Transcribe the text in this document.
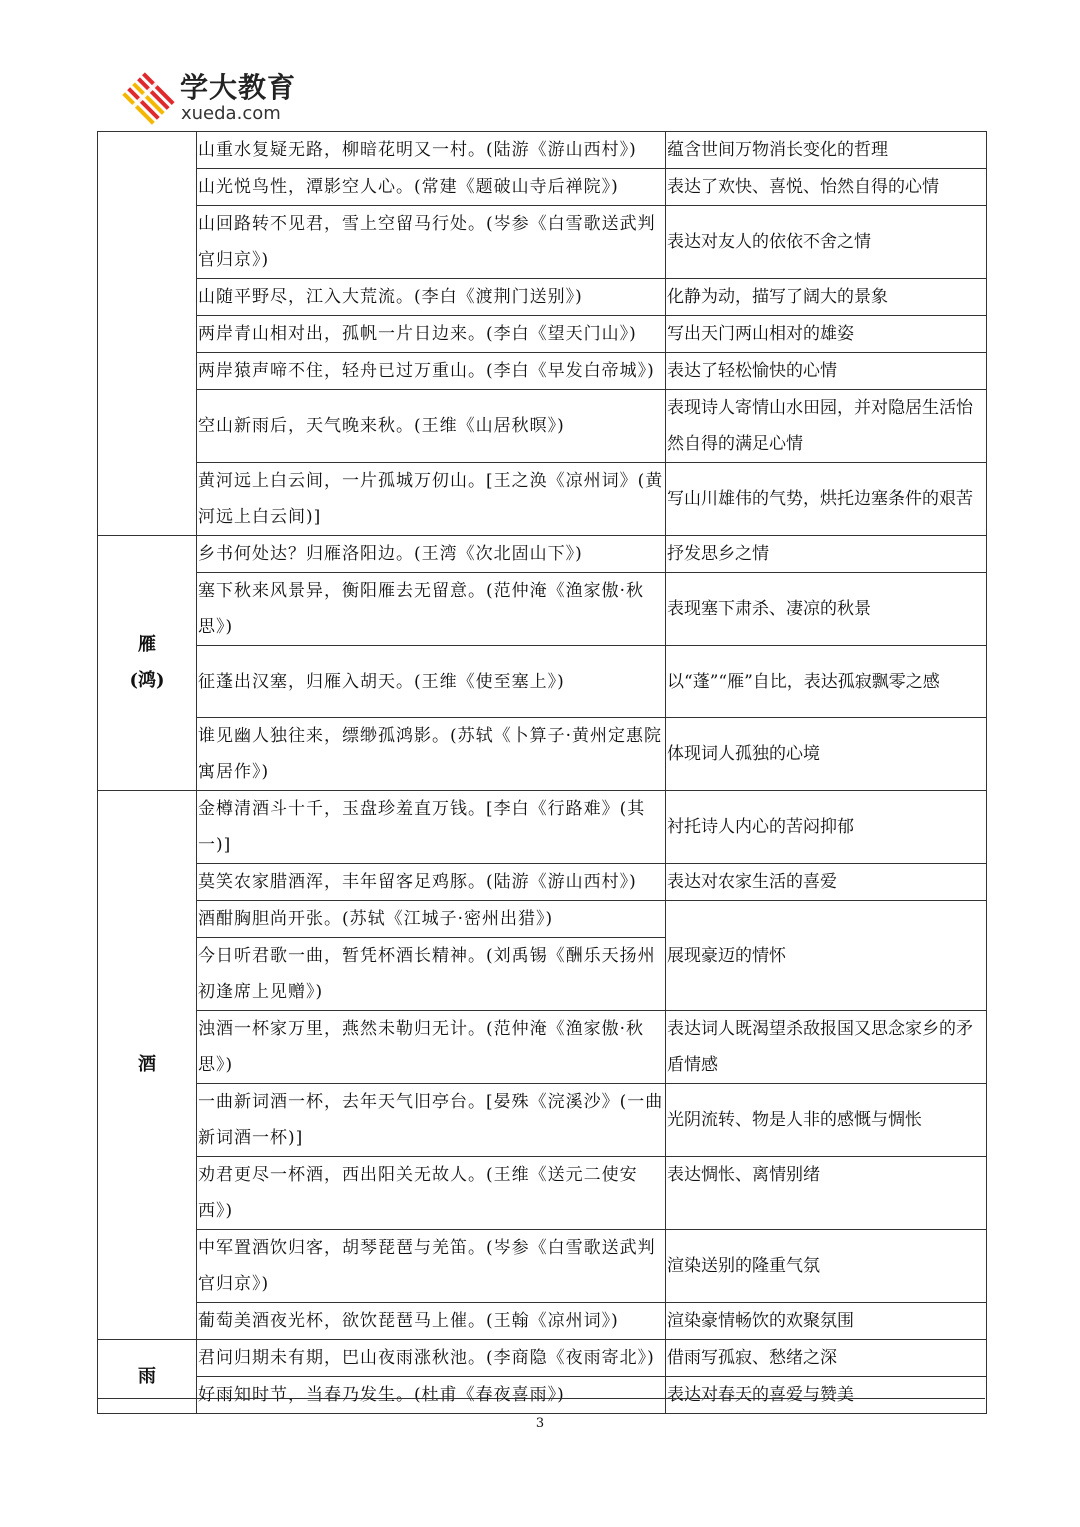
学大教育
xueda.com
	山重水复疑无路，柳暗花明又一村。(陆游《游山西村》)	蕴含世间万物消长变化的哲理
	山光悦鸟性，潭影空人心。(常建《题破山寺后禅院》)	表达了欢快、喜悦、怡然自得的心情
	山回路转不见君，雪上空留马行处。(岑参《白雪歌送武判官归京》)	表达对友人的依依不舍之情
	山随平野尽，江入大荒流。(李白《渡荆门送别》)	化静为动，描写了阔大的景象
	两岸青山相对出，孤帆一片日边来。(李白《望天门山》)	写出天门两山相对的雄姿
	两岸猿声啼不住，轻舟已过万重山。(李白《早发白帝城》)	表达了轻松愉快的心情
	空山新雨后，天气晚来秋。(王维《山居秋暝》)	表现诗人寄情山水田园，并对隐居生活怡然自得的满足心情
	黄河远上白云间，一片孤城万仞山。[王之涣《凉州词》(黄河远上白云间)]	写山川雄伟的气势，烘托边塞条件的艰苦
雁
(鸿)	乡书何处达？归雁洛阳边。(王湾《次北固山下》)	抒发思乡之情
	塞下秋来风景异，衡阳雁去无留意。(范仲淹《渔家傲·秋思》)	表现塞下肃杀、凄凉的秋景
	征蓬出汉塞，归雁入胡天。(王维《使至塞上》)	以“蓬”“雁”自比，表达孤寂飘零之感
	谁见幽人独往来，缥缈孤鸿影。(苏轼《卜算子·黄州定惠院寓居作》)	体现词人孤独的心境
酒	金樽清酒斗十千，玉盘珍羞直万钱。[李白《行路难》(其一)]	衬托诗人内心的苦闷抑郁
	莫笑农家腊酒浑，丰年留客足鸡豚。(陆游《游山西村》)	表达对农家生活的喜爱
	酒酣胸胆尚开张。(苏轼《江城子·密州出猎》)	展现豪迈的情怀
	今日听君歌一曲，暂凭杯酒长精神。(刘禹锡《酬乐天扬州初逢席上见赠》)	
	浊酒一杯家万里，燕然未勒归无计。(范仲淹《渔家傲·秋思》)	表达词人既渴望杀敌报国又思念家乡的矛盾情感
	一曲新词酒一杯，去年天气旧亭台。[晏殊《浣溪沙》(一曲新词酒一杯)]	光阴流转、物是人非的感慨与惆怅
	劝君更尽一杯酒，西出阳关无故人。(王维《送元二使安西》)	表达惆怅、离情别绪
	中军置酒饮归客，胡琴琵琶与羌笛。(岑参《白雪歌送武判官归京》)	渲染送别的隆重气氛
	葡萄美酒夜光杯，欲饮琵琶马上催。(王翰《凉州词》)	渲染豪情畅饮的欢聚氛围
雨	君问归期未有期，巴山夜雨涨秋池。(李商隐《夜雨寄北》)	借雨写孤寂、愁绪之深
	好雨知时节，当春乃发生。(杜甫《春夜喜雨》)	表达对春天的喜爱与赞美
3
